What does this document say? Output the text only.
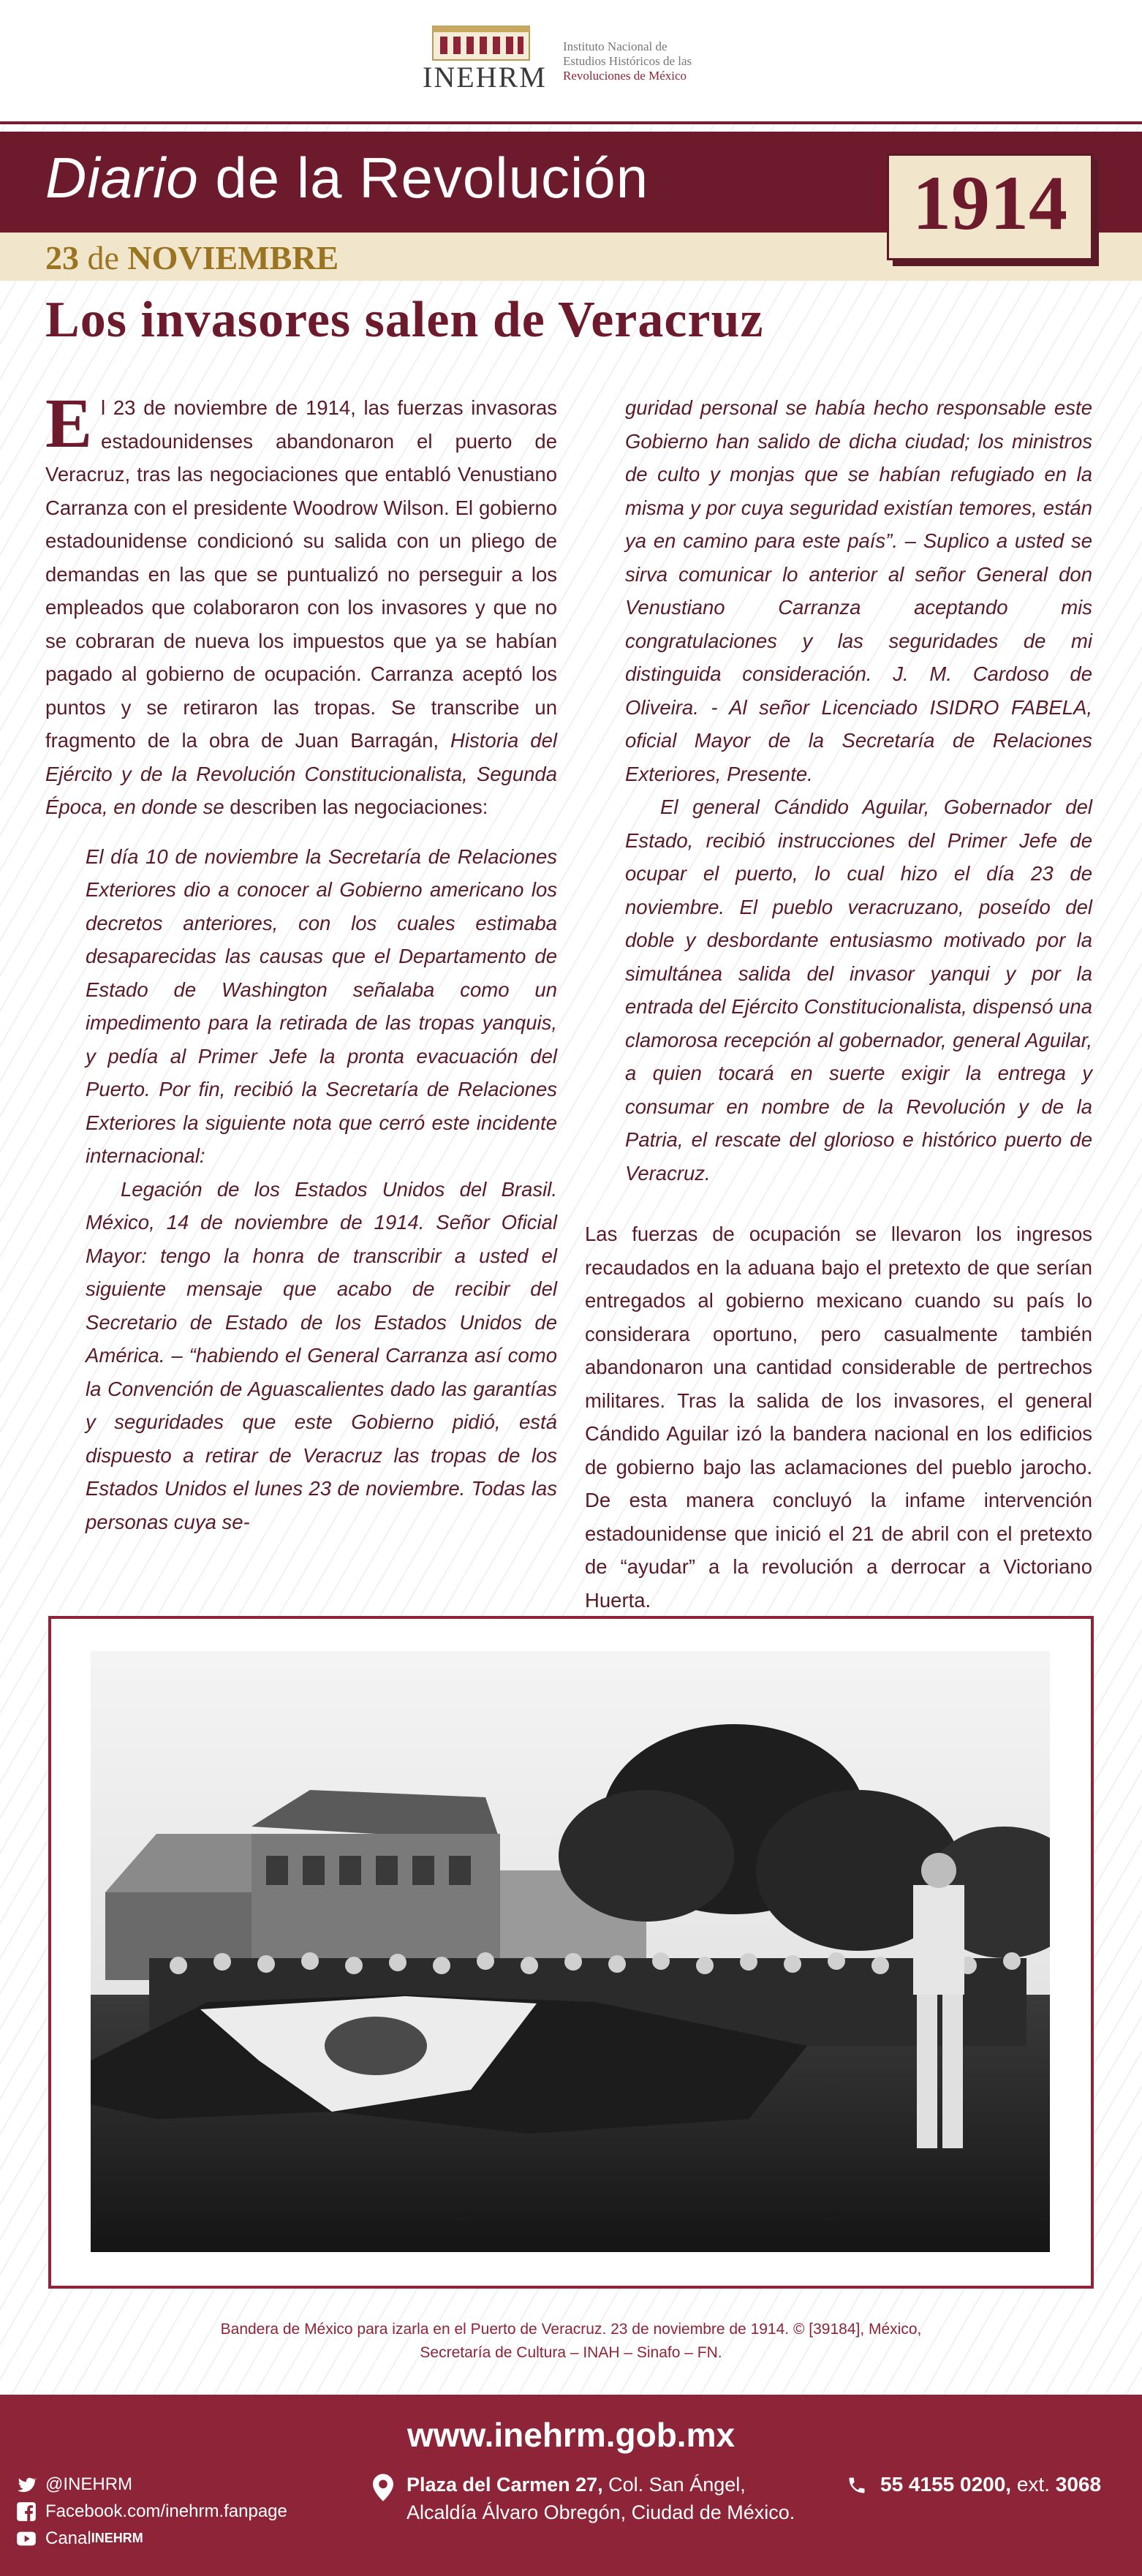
INEHRM
Instituto Nacional de
Estudios Históricos de las
Revoluciones de México
Diario de la Revolución
23 de NOVIEMBRE
1914
Los invasores salen de Veracruz

El 23 de noviembre de 1914, las fuerzas invasoras estadounidenses abandonaron el puerto de Veracruz, tras las negociaciones que entabló Venustiano Carranza con el presidente Woodrow Wilson. El gobierno estadounidense condicionó su salida con un pliego de demandas en las que se puntualizó no perseguir a los empleados que colaboraron con los invasores y que no se cobraran de nueva los impuestos que ya se habían pagado al gobierno de ocupación. Carranza aceptó los puntos y se retiraron las tropas. Se transcribe un fragmento de la obra de Juan Barragán, Historia del Ejército y de la Revolución Constitucionalista, Segunda Época, en donde se describen las negociaciones:

El día 10 de noviembre la Secretaría de Relaciones Exteriores dio a conocer al Gobierno americano los decretos anteriores, con los cuales estimaba desaparecidas las causas que el Departamento de Estado de Washington señalaba como un impedimento para la retirada de las tropas yanquis, y pedía al Primer Jefe la pronta evacuación del Puerto. Por fin, recibió la Secretaría de Relaciones Exteriores la siguiente nota que cerró este incidente internacional:

Legación de los Estados Unidos del Brasil. México, 14 de noviembre de 1914. Señor Oficial Mayor: tengo la honra de transcribir a usted el siguiente mensaje que acabo de recibir del Secretario de Estado de los Estados Unidos de América. – “habiendo el General Carranza así como la Convención de Aguascalientes dado las garantías y seguridades que este Gobierno pidió, está dispuesto a retirar de Veracruz las tropas de los Estados Unidos el lunes 23 de noviembre. Todas las personas cuya se-

guridad personal se había hecho responsable este Gobierno han salido de dicha ciudad; los ministros de culto y monjas que se habían refugiado en la misma y por cuya seguridad existían temores, están ya en camino para este país”. – Suplico a usted se sirva comunicar lo anterior al señor General don Venustiano Carranza aceptando mis congratulaciones y las seguridades de mi distinguida consideración. J. M. Cardoso de Oliveira. - Al señor Licenciado ISIDRO FABELA, oficial Mayor de la Secretaría de Relaciones Exteriores, Presente.

El general Cándido Aguilar, Gobernador del Estado, recibió instrucciones del Primer Jefe de ocupar el puerto, lo cual hizo el día 23 de noviembre. El pueblo veracruzano, poseído del doble y desbordante entusiasmo motivado por la simultánea salida del invasor yanqui y por la entrada del Ejército Constitucionalista, dispensó una clamorosa recepción al gobernador, general Aguilar, a quien tocará en suerte exigir la entrega y consumar en nombre de la Revolución y de la Patria, el rescate del glorioso e histórico puerto de Veracruz.

Las fuerzas de ocupación se llevaron los ingresos recaudados en la aduana bajo el pretexto de que serían entregados al gobierno mexicano cuando su país lo considerara oportuno, pero casualmente también abandonaron una cantidad considerable de pertrechos militares. Tras la salida de los invasores, el general Cándido Aguilar izó la bandera nacional en los edificios de gobierno bajo las aclamaciones del pueblo jarocho. De esta manera concluyó la infame intervención estadounidense que inició el 21 de abril con el pretexto de “ayudar” a la revolución a derrocar a Victoriano Huerta.

Bandera de México para izarla en el Puerto de Veracruz. 23 de noviembre de 1914. © [39184], México,
Secretaría de Cultura – INAH – Sinafo – FN.
www.inehrm.gob.mx
@INEHRM
Facebook.com/inehrm.fanpage
Canal INEHRM
Plaza del Carmen 27, Col. San Ángel,
Alcaldía Álvaro Obregón, Ciudad de México.
55 4155 0200, ext. 3068
